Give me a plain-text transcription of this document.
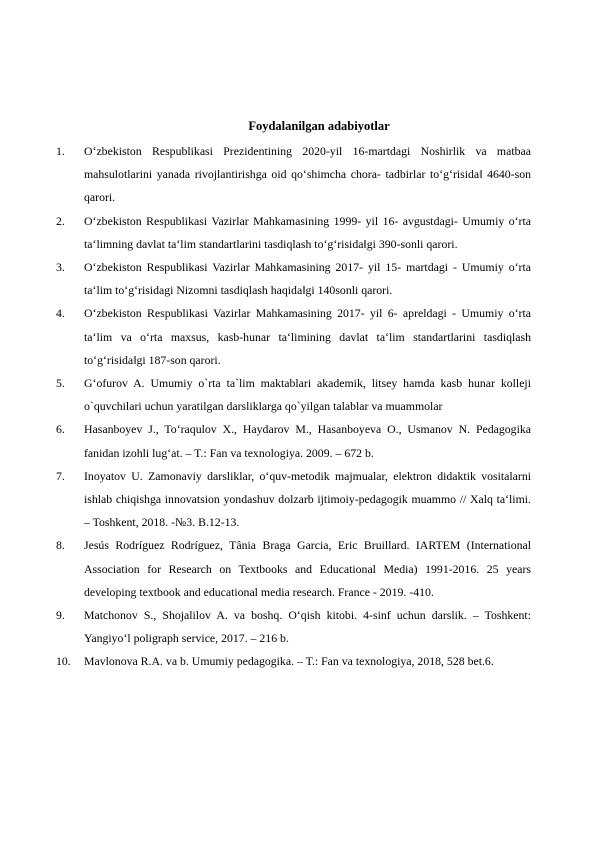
Foydalanilgan adabiyotlar
1. O‘zbekiston Respublikasi Prezidentining 2020-yil 16-martdagi Noshirlik va matbaa mahsulotlarini yanada rivojlantirishga oid qo‘shimcha chora- tadbirlar to‘g‘risida‖ 4640-son qarori.
2. O‘zbekiston Respublikasi Vazirlar Mahkamasining 1999- yil 16- avgustdagi- Umumiy o‘rta ta‘limning davlat ta‘lim standartlarini tasdiqlash to‘g‘risida‖gi 390-sonli qarori.
3. O‘zbekiston Respublikasi Vazirlar Mahkamasining 2017- yil 15- martdagi - Umumiy o‘rta ta‘lim to‘g‘risidagi Nizomni tasdiqlash haqida‖gi 140sonli qarori.
4. O‘zbekiston Respublikasi Vazirlar Mahkamasining 2017- yil 6- apreldagi - Umumiy o‘rta ta‘lim va o‘rta maxsus, kasb-hunar ta‘limining davlat ta‘lim standartlarini tasdiqlash to‘g‘risida‖gi 187-son qarori.
5. G‘ofurov A. Umumiy o`rta ta`lim maktablari akademik, litsey hamda kasb hunar kolleji o`quvchilari uchun yaratilgan darsliklarga qo`yilgan talablar va muammolar
6. Hasanboyev J., To‘raqulov X., Haydarov M., Hasanboyeva O., Usmanov N. Pedagogika fanidan izohli lug‘at. – T.: Fan va texnologiya. 2009. – 672 b.
7. Inoyatov U. Zamonaviy darsliklar, o‘quv-metodik majmualar, elektron didaktik vositalarni ishlab chiqishga innovatsion yondashuv dolzarb ijtimoiy-pedagogik muammo // Xalq ta‘limi. – Toshkent, 2018. -№3. B.12-13.
8. Jesús Rodríguez Rodríguez, Tânia Braga Garcia, Eric Bruillard. IARTEM (International Association for Research on Textbooks and Educational Media) 1991-2016. 25 years developing textbook and educational media research. France - 2019. -410.
9. Matchonov S., Shojalilov A. va boshq. O‘qish kitobi. 4-sinf uchun darslik. – Toshkent: Yangiyo‘l poligraph service, 2017. – 216 b.
10. Mavlonova R.A. va b. Umumiy pedagogika. – T.: Fan va texnologiya, 2018, 528 bet.6.
